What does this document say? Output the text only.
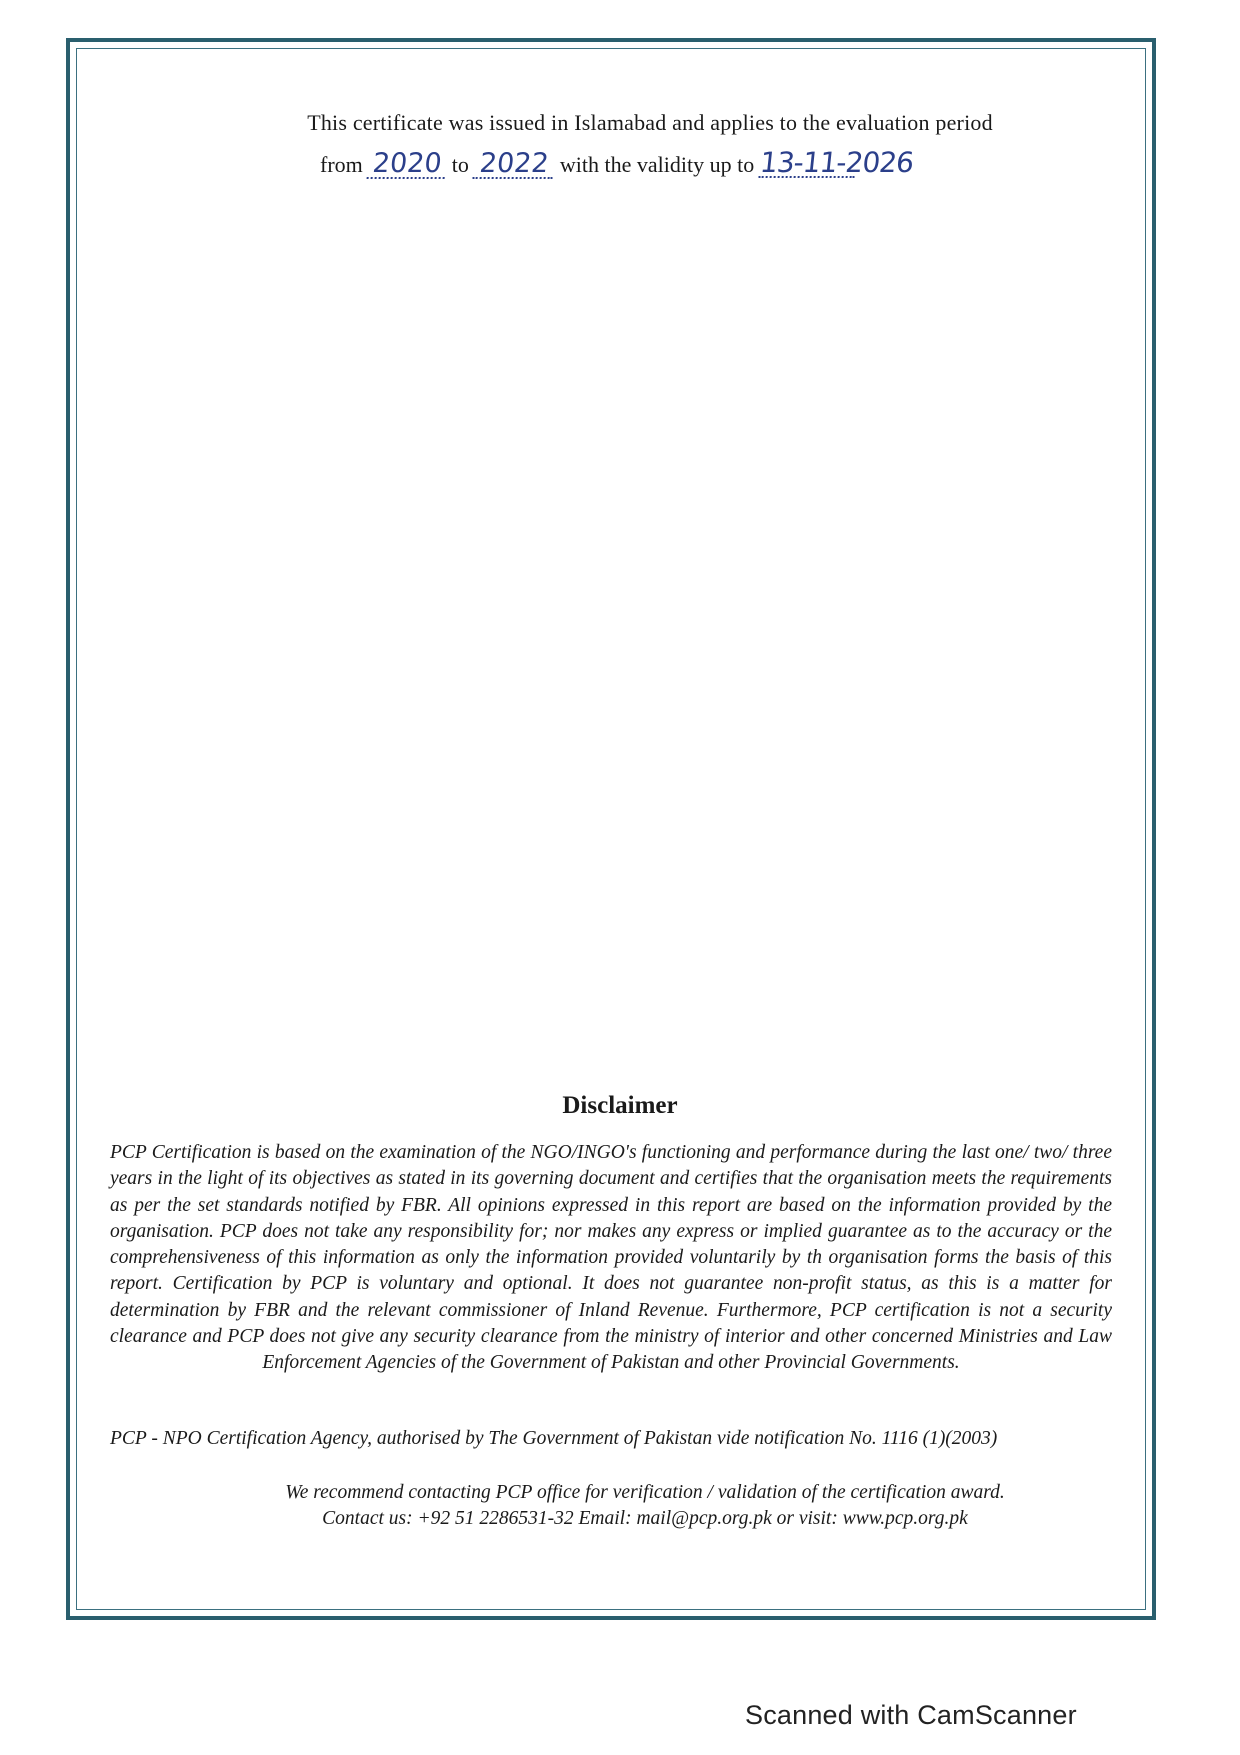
This certificate was issued in Islamabad and applies to the evaluation period
from 2020 to 2022 with the validity up to 13-11-2026
Disclaimer
PCP Certification is based on the examination of the NGO/INGO's functioning and performance during the last one/ two/ three years in the light of its objectives as stated in its governing document and certifies that the organisation meets the requirements as per the set standards notified by FBR. All opinions expressed in this report are based on the information provided by the organisation. PCP does not take any responsibility for; nor makes any express or implied guarantee as to the accuracy or the comprehensiveness of this information as only the information provided voluntarily by th organisation forms the basis of this report. Certification by PCP is voluntary and optional. It does not guarantee non-profit status, as this is a matter for determination by FBR and the relevant commissioner of Inland Revenue. Furthermore, PCP certification is not a security clearance and PCP does not give any security clearance from the ministry of interior and other concerned Ministries and Law Enforcement Agencies of the Government of Pakistan and other Provincial Governments.
PCP - NPO Certification Agency, authorised by The Government of Pakistan vide notification No. 1116 (1)(2003)
We recommend contacting PCP office for verification / validation of the certification award.
Contact us: +92 51 2286531-32 Email: mail@pcp.org.pk or visit: www.pcp.org.pk
Scanned with CamScanner
